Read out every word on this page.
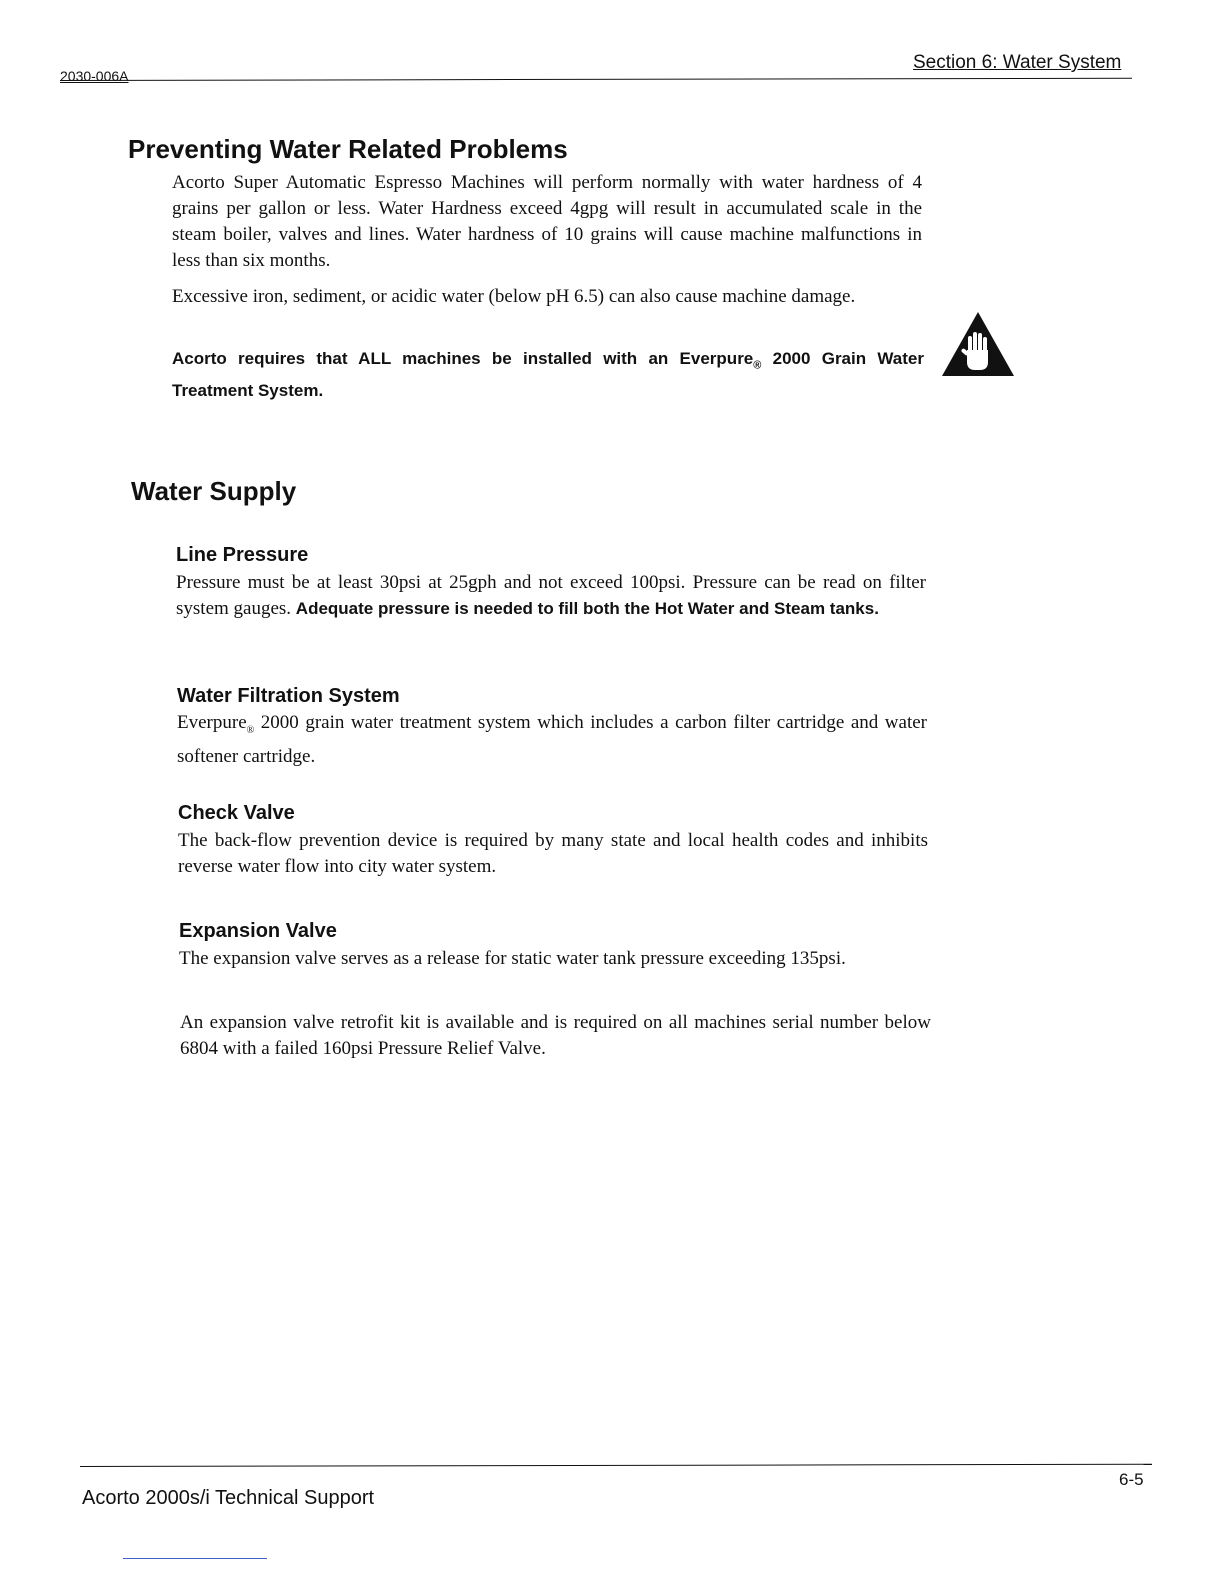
2030-006A
Section 6: Water System
Preventing Water Related Problems

Acorto Super Automatic Espresso Machines will perform normally with water hardness of 4 grains per gallon or less. Water Hardness exceed 4gpg will result in accumulated scale in the steam boiler, valves and lines. Water hardness of 10 grains will cause machine malfunctions in less than six months.

Excessive iron, sediment, or acidic water (below pH 6.5) can also cause machine damage.

Acorto requires that ALL machines be installed with an Everpure$_®$ 2000 Grain Water Treatment System.
Water Supply
Line Pressure

Pressure must be at least 30psi at 25gph and not exceed 100psi. Pressure can be read on filter system gauges. Adequate pressure is needed to fill both the Hot Water and Steam tanks.

Water Filtration System

Everpure$_®$ 2000 grain water treatment system which includes a carbon filter cartridge and water softener cartridge.

Check Valve

The back-flow prevention device is required by many state and local health codes and inhibits reverse water flow into city water system.

Expansion Valve

The expansion valve serves as a release for static water tank pressure exceeding 135psi.

An expansion valve retrofit kit is available and is required on all machines serial number below 6804 with a failed 160psi Pressure Relief Valve.

Acorto 2000s/i Technical Support
6-5
